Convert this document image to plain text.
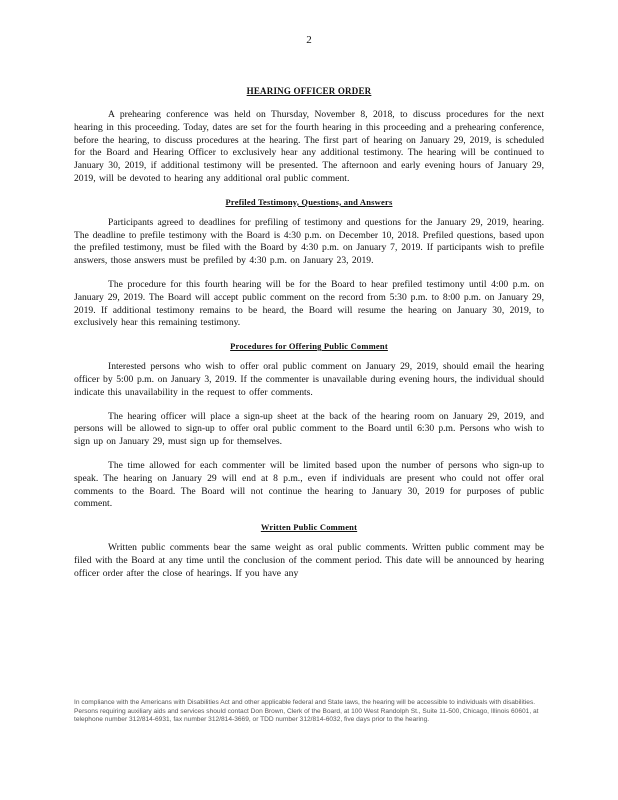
2
HEARING OFFICER ORDER

A prehearing conference was held on Thursday, November 8, 2018, to discuss procedures for the next hearing in this proceeding. Today, dates are set for the fourth hearing in this proceeding and a prehearing conference, before the hearing, to discuss procedures at the hearing. The first part of hearing on January 29, 2019, is scheduled for the Board and Hearing Officer to exclusively hear any additional testimony. The hearing will be continued to January 30, 2019, if additional testimony will be presented. The afternoon and early evening hours of January 29, 2019, will be devoted to hearing any additional oral public comment.

Prefiled Testimony, Questions, and Answers

Participants agreed to deadlines for prefiling of testimony and questions for the January 29, 2019, hearing. The deadline to prefile testimony with the Board is 4:30 p.m. on December 10, 2018. Prefiled questions, based upon the prefiled testimony, must be filed with the Board by 4:30 p.m. on January 7, 2019. If participants wish to prefile answers, those answers must be prefiled by 4:30 p.m. on January 23, 2019.

The procedure for this fourth hearing will be for the Board to hear prefiled testimony until 4:00 p.m. on January 29, 2019. The Board will accept public comment on the record from 5:30 p.m. to 8:00 p.m. on January 29, 2019. If additional testimony remains to be heard, the Board will resume the hearing on January 30, 2019, to exclusively hear this remaining testimony.

Procedures for Offering Public Comment

Interested persons who wish to offer oral public comment on January 29, 2019, should email the hearing officer by 5:00 p.m. on January 3, 2019. If the commenter is unavailable during evening hours, the individual should indicate this unavailability in the request to offer comments.

The hearing officer will place a sign-up sheet at the back of the hearing room on January 29, 2019, and persons will be allowed to sign-up to offer oral public comment to the Board until 6:30 p.m. Persons who wish to sign up on January 29, must sign up for themselves.

The time allowed for each commenter will be limited based upon the number of persons who sign-up to speak. The hearing on January 29 will end at 8 p.m., even if individuals are present who could not offer oral comments to the Board. The Board will not continue the hearing to January 30, 2019 for purposes of public comment.

Written Public Comment

Written public comments bear the same weight as oral public comments. Written public comment may be filed with the Board at any time until the conclusion of the comment period. This date will be announced by hearing officer order after the close of hearings. If you have any

In compliance with the Americans with Disabilities Act and other applicable federal and State laws, the hearing will be accessible to individuals with disabilities. Persons requiring auxiliary aids and services should contact Don Brown, Clerk of the Board, at 100 West Randolph St., Suite 11-500, Chicago, Illinois 60601, at telephone number 312/814-6931, fax number 312/814-3669, or TDD number 312/814-6032, five days prior to the hearing.
